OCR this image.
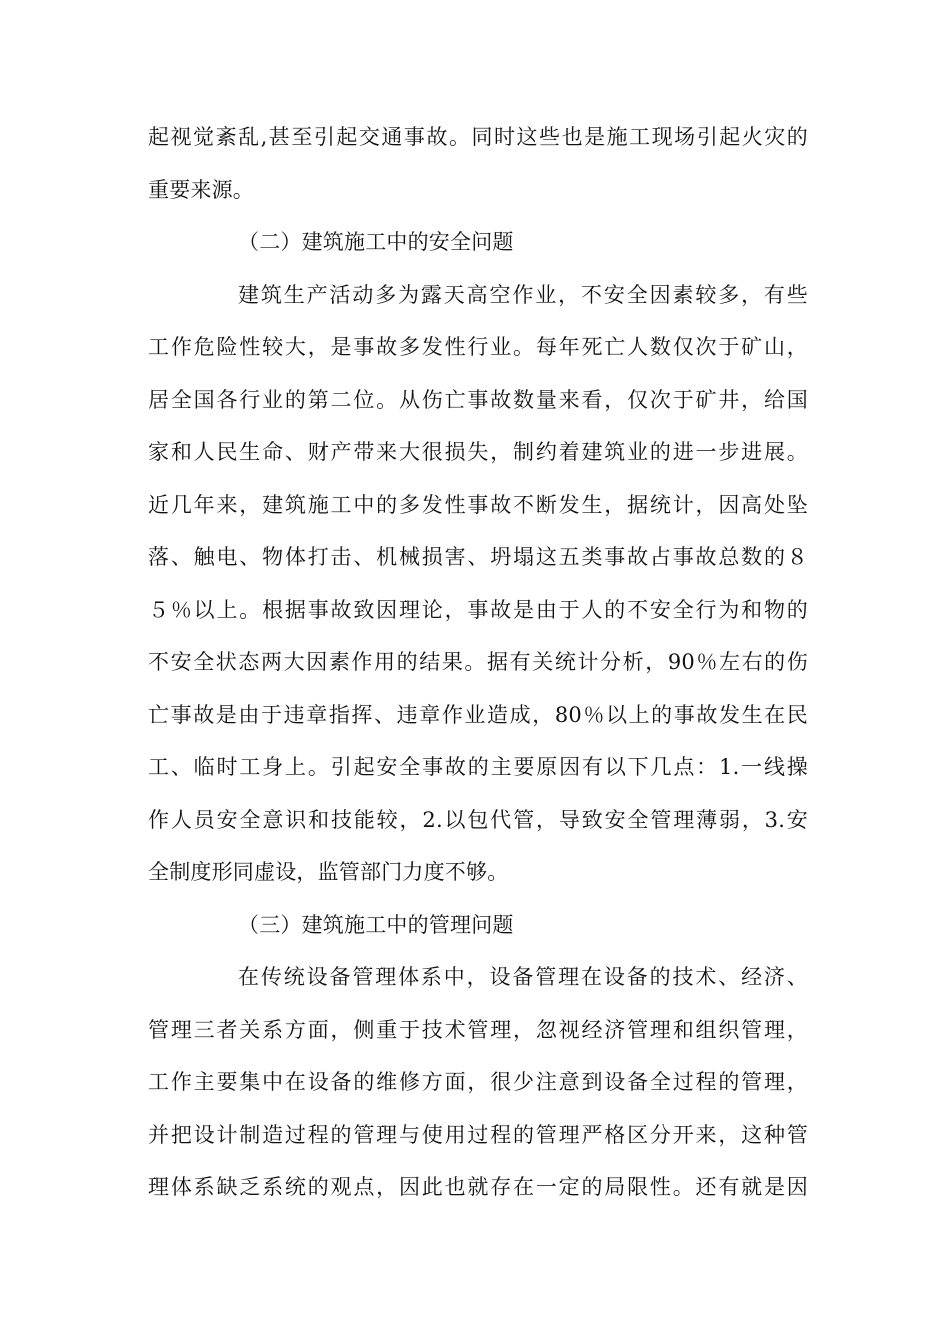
起视觉紊乱,甚至引起交通事故。同时这些也是施工现场引起火灾的

重要来源。

（二）建筑施工中的安全问题

建筑生产活动多为露天高空作业，不安全因素较多，有些

工作危险性较大，是事故多发性行业。每年死亡人数仅次于矿山，

居全国各行业的第二位。从伤亡事故数量来看，仅次于矿井，给国

家和人民生命、财产带来大很损失，制约着建筑业的进一步进展。

近几年来，建筑施工中的多发性事故不断发生，据统计，因高处坠

落、触电、物体打击、机械损害、坍塌这五类事故占事故总数的８

５％以上。根据事故致因理论，事故是由于人的不安全行为和物的

不安全状态两大因素作用的结果。据有关统计分析，90％左右的伤

亡事故是由于违章指挥、违章作业造成，80％以上的事故发生在民

工、临时工身上。引起安全事故的主要原因有以下几点：1.一线操

作人员安全意识和技能较，2.以包代管，导致安全管理薄弱，3.安

全制度形同虚设，监管部门力度不够。

（三）建筑施工中的管理问题

在传统设备管理体系中，设备管理在设备的技术、经济、

管理三者关系方面，侧重于技术管理，忽视经济管理和组织管理，

工作主要集中在设备的维修方面，很少注意到设备全过程的管理，

并把设计制造过程的管理与使用过程的管理严格区分开来，这种管

理体系缺乏系统的观点，因此也就存在一定的局限性。还有就是因
